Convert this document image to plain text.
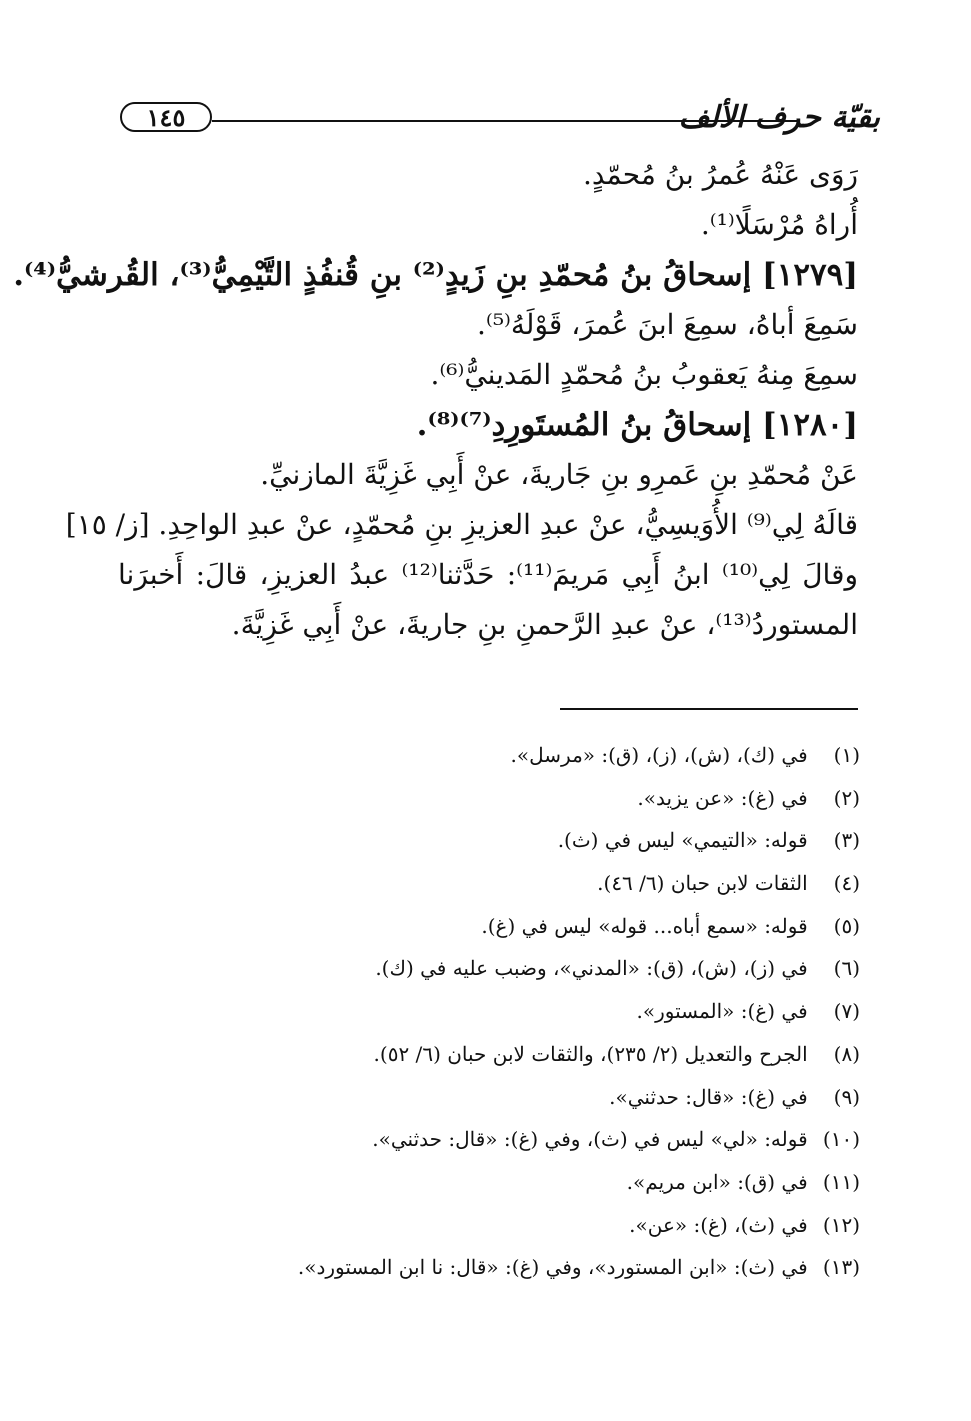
١٤٥	بقيّة حرف الألف
رَوَى عَنْهُ عُمرُ بنُ مُحمّدٍ.
أُراهُ مُرْسَلًا⁽¹⁾.
[١٢٧٩] إسحاقُ بنُ مُحمّدِ بنِ زَيدٍ⁽²⁾ بنِ قُنفُذٍ التَّيْمِيُّ⁽³⁾، القُرشيُّ⁽⁴⁾.
سَمِعَ أباهُ، سمِعَ ابنَ عُمرَ، قَوْلَهُ⁽⁵⁾.
سمِعَ مِنهُ يَعقوبُ بنُ مُحمّدٍ المَدينيُّ⁽⁶⁾.
[١٢٨٠] إسحاقُ بنُ المُستَورِدِ⁽⁷⁾⁽⁸⁾.
عَنْ مُحمّدِ بنِ عَمرِو بنِ جَاريةَ، عنْ أَبِي غَزِيَّةَ المازنيِّ.
قالَهُ لِي⁽⁹⁾ الأُوَيسِيُّ، عنْ عبدِ العزيزِ بنِ مُحمّدٍ، عنْ عبدِ الواحِدِ. [ز/ ١٥]
وقالَ لِي⁽¹⁰⁾ ابنُ أَبِي مَريمَ⁽¹¹⁾: حَدَّثنا⁽¹²⁾ عبدُ العزيزِ، قالَ: أَخبرَنا
المستوردُ⁽¹³⁾، عنْ عبدِ الرَّحمنِ بنِ جاريةَ، عنْ أَبِي غَزِيَّةَ.
(١) في (ك)، (ش)، (ز)، (ق): «مرسل».
(٢) في (غ): «عن يزيد».
(٣) قوله: «التيمي» ليس في (ث).
(٤) الثقات لابن حبان (٦/ ٤٦).
(٥) قوله: «سمع أباه... قوله» ليس في (غ).
(٦) في (ز)، (ش)، (ق): «المدني»، وضبب عليه في (ك).
(٧) في (غ): «المستور».
(٨) الجرح والتعديل (٢/ ٢٣٥)، والثقات لابن حبان (٦/ ٥٢).
(٩) في (غ): «قال: حدثني».
(١٠) قوله: «لي» ليس في (ث)، وفي (غ): «قال: حدثني».
(١١) في (ق): «ابن مريم».
(١٢) في (ث)، (غ): «عن».
(١٣) في (ث): «ابن المستورد»، وفي (غ): «قال: نا ابن المستورد».
